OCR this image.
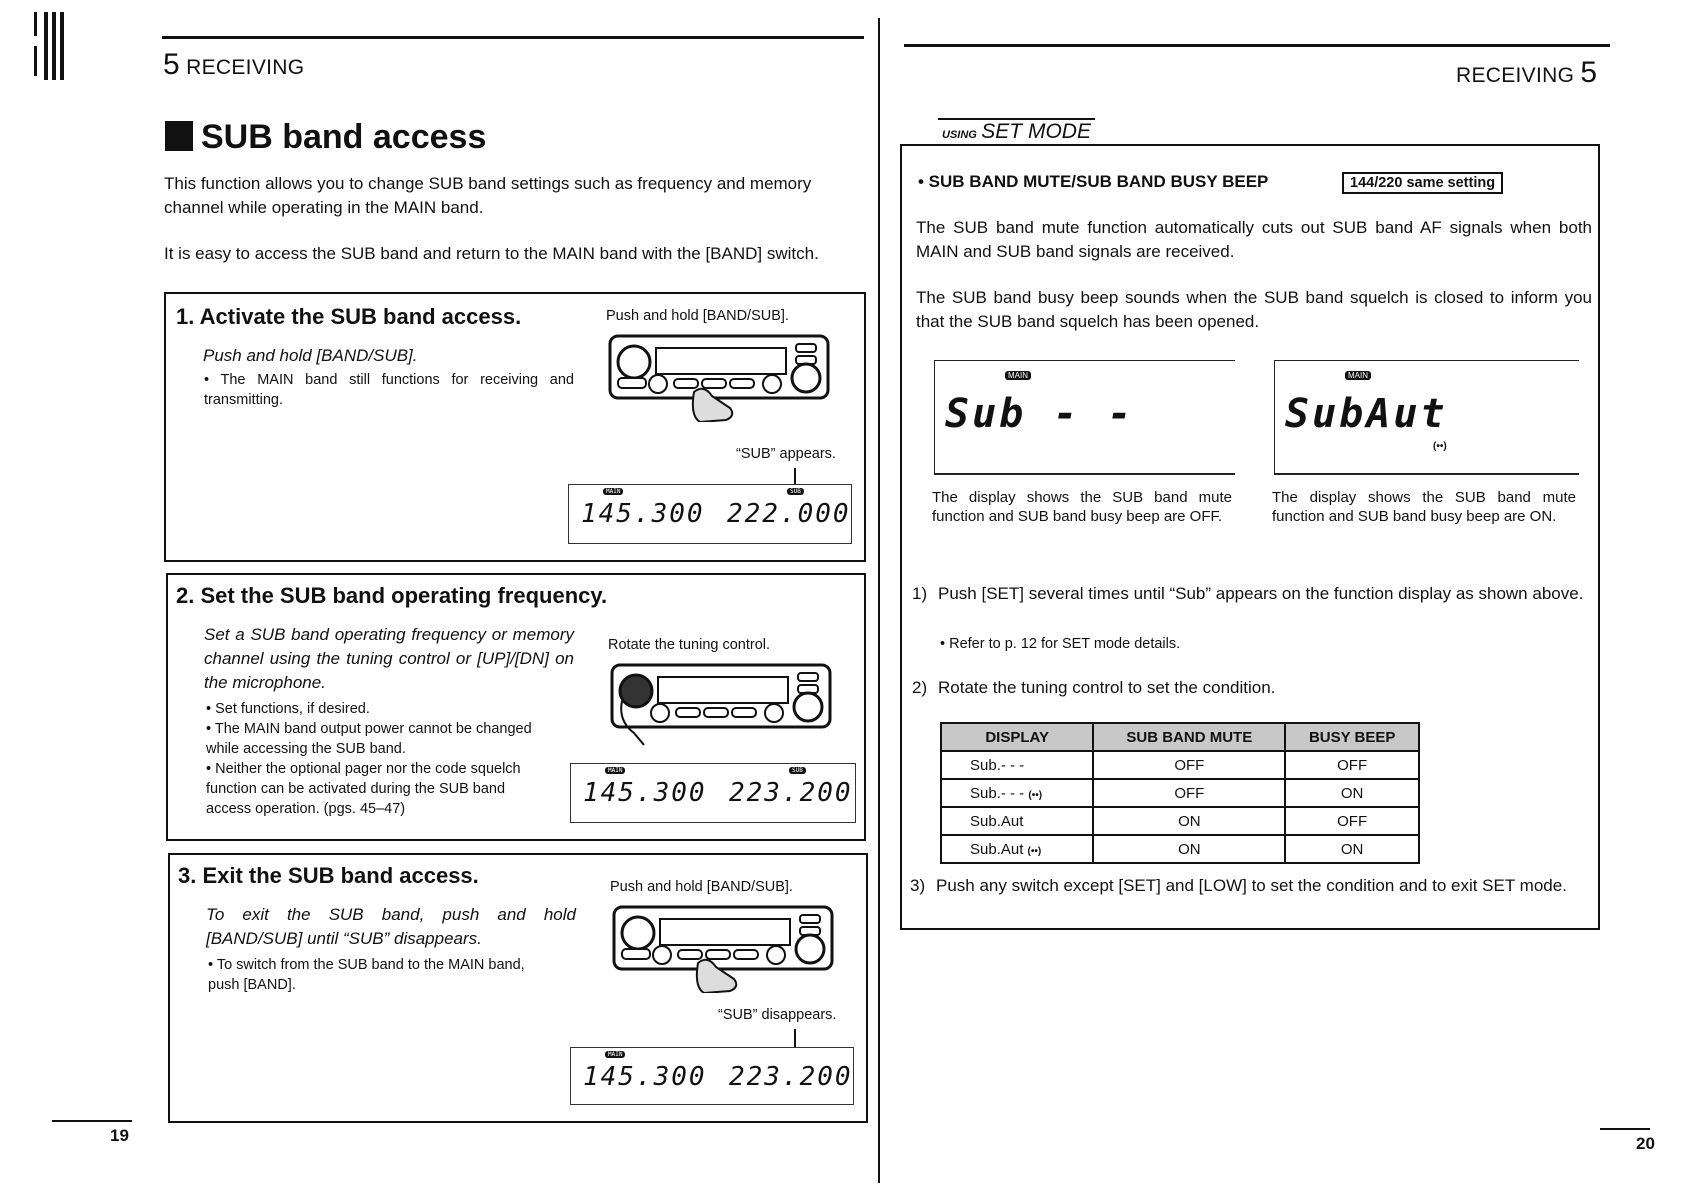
5 RECEIVING
SUB band access
This function allows you to change SUB band settings such as frequency and memory channel while operating in the MAIN band.
It is easy to access the SUB band and return to the MAIN band with the [BAND] switch.
1. Activate the SUB band access.
Push and hold [BAND/SUB].
• The MAIN band still functions for receiving and transmitting.
Push and hold [BAND/SUB].
“SUB” appears.
MAIN	SUB
145.300 222.000
2. Set the SUB band operating frequency.
Set a SUB band operating frequency or memory channel using the tuning control or [UP]/[DN] on the microphone.
• Set functions, if desired.
• The MAIN band output power cannot be changed while accessing the SUB band.
• Neither the optional pager nor the code squelch function can be activated during the SUB band access operation. (pgs. 45–47)
Rotate the tuning control.
MAIN	SUB
145.300 223.200
3. Exit the SUB band access.
To exit the SUB band, push and hold [BAND/SUB] until “SUB” disappears.
• To switch from the SUB band to the MAIN band, push [BAND].
Push and hold [BAND/SUB].
“SUB” disappears.
MAIN
145.300 223.200
19
RECEIVING 5
USING SET MODE
• SUB BAND MUTE/SUB BAND BUSY BEEP	144/220 same setting
The SUB band mute function automatically cuts out SUB band AF signals when both MAIN and SUB band signals are received.
The SUB band busy beep sounds when the SUB band squelch is closed to inform you that the SUB band squelch has been opened.
MAIN
Sub - -
The display shows the SUB band mute function and SUB band busy beep are OFF.
MAIN
SubAut
(••)
The display shows the SUB band mute function and SUB band busy beep are ON.
1) Push [SET] several times until “Sub” appears on the function display as shown above.
• Refer to p. 12 for SET mode details.
2) Rotate the tuning control to set the condition.
DISPLAY	SUB BAND MUTE	BUSY BEEP
Sub.- - -	OFF	OFF
Sub.- - - (••)	OFF	ON
Sub.Aut	ON	OFF
Sub.Aut (••)	ON	ON
3) Push any switch except [SET] and [LOW] to set the condition and to exit SET mode.
20
